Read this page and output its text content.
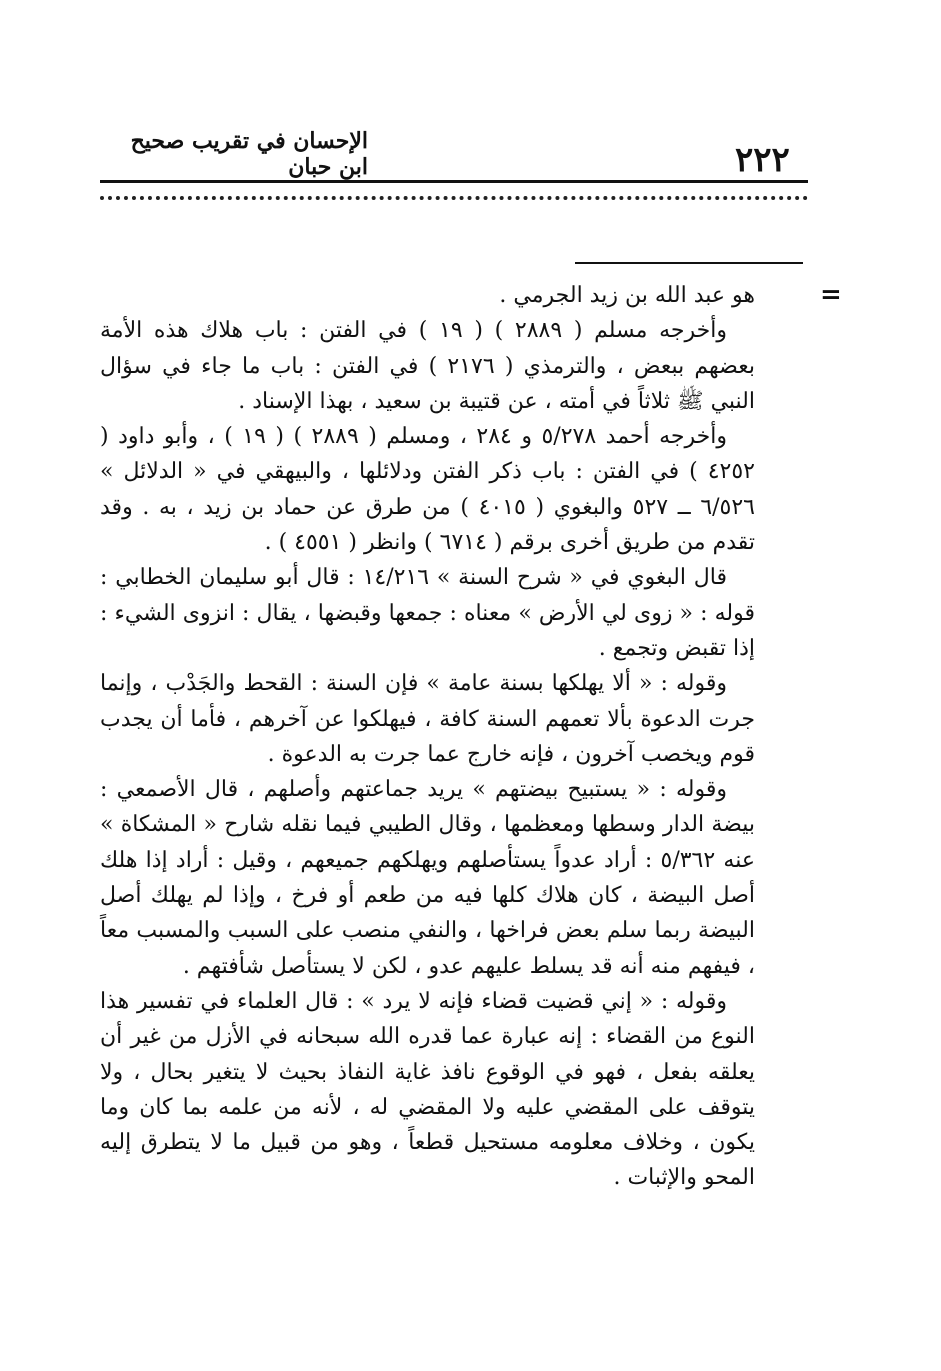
٢٢٢
الإحسان في تقريب صحيح ابن حبان
=

هو عبد الله بن زيد الجرمي .

وأخرجه مسلم ( ٢٨٨٩ ) ( ١٩ ) في الفتن : باب هلاك هذه الأمة بعضهم ببعض ، والترمذي ( ٢١٧٦ ) في الفتن : باب ما جاء في سؤال النبي ﷺ ثلاثاً في أمته ، عن قتيبة بن سعيد ، بهذا الإسناد .

وأخرجه أحمد ٥/٢٧٨ و ٢٨٤ ، ومسلم ( ٢٨٨٩ ) ( ١٩ ) ، وأبو داود ( ٤٢٥٢ ) في الفتن : باب ذكر الفتن ودلائلها ، والبيهقي في « الدلائل » ٦/٥٢٦ ــ ٥٢٧ والبغوي ( ٤٠١٥ ) من طرق عن حماد بن زيد ، به . وقد تقدم من طريق أخرى برقم ( ٦٧١٤ ) وانظر ( ٤٥٥١ ) .

قال البغوي في « شرح السنة » ١٤/٢١٦ : قال أبو سليمان الخطابي : قوله : « زوى لي الأرض » معناه : جمعها وقبضها ، يقال : انزوى الشيء : إذا تقبض وتجمع .

وقوله : « ألا يهلكها بسنة عامة » فإن السنة : القحط والجَدْب ، وإنما جرت الدعوة بألا تعمهم السنة كافة ، فيهلكوا عن آخرهم ، فأما أن يجدب قوم ويخصب آخرون ، فإنه خارج عما جرت به الدعوة .

وقوله : « يستبيح بيضتهم » يريد جماعتهم وأصلهم ، قال الأصمعي : بيضة الدار وسطها ومعظمها ، وقال الطيبي فيما نقله شارح « المشكاة » عنه ٥/٣٦٢ : أراد عدواً يستأصلهم ويهلكهم جميعهم ، وقيل : أراد إذا هلك أصل البيضة ، كان هلاك كلها فيه من طعم أو فرخ ، وإذا لم يهلك أصل البيضة ربما سلم بعض فراخها ، والنفي منصب على السبب والمسبب معاً ، فيفهم منه أنه قد يسلط عليهم عدو ، لكن لا يستأصل شأفتهم .

وقوله : « إني قضيت قضاء فإنه لا يرد » : قال العلماء في تفسير هذا النوع من القضاء : إنه عبارة عما قدره الله سبحانه في الأزل من غير أن يعلقه بفعل ، فهو في الوقوع نافذ غاية النفاذ بحيث لا يتغير بحال ، ولا يتوقف على المقضي عليه ولا المقضي له ، لأنه من علمه بما كان وما يكون ، وخلاف معلومه مستحيل قطعاً ، وهو من قبيل ما لا يتطرق إليه المحو والإثبات .
